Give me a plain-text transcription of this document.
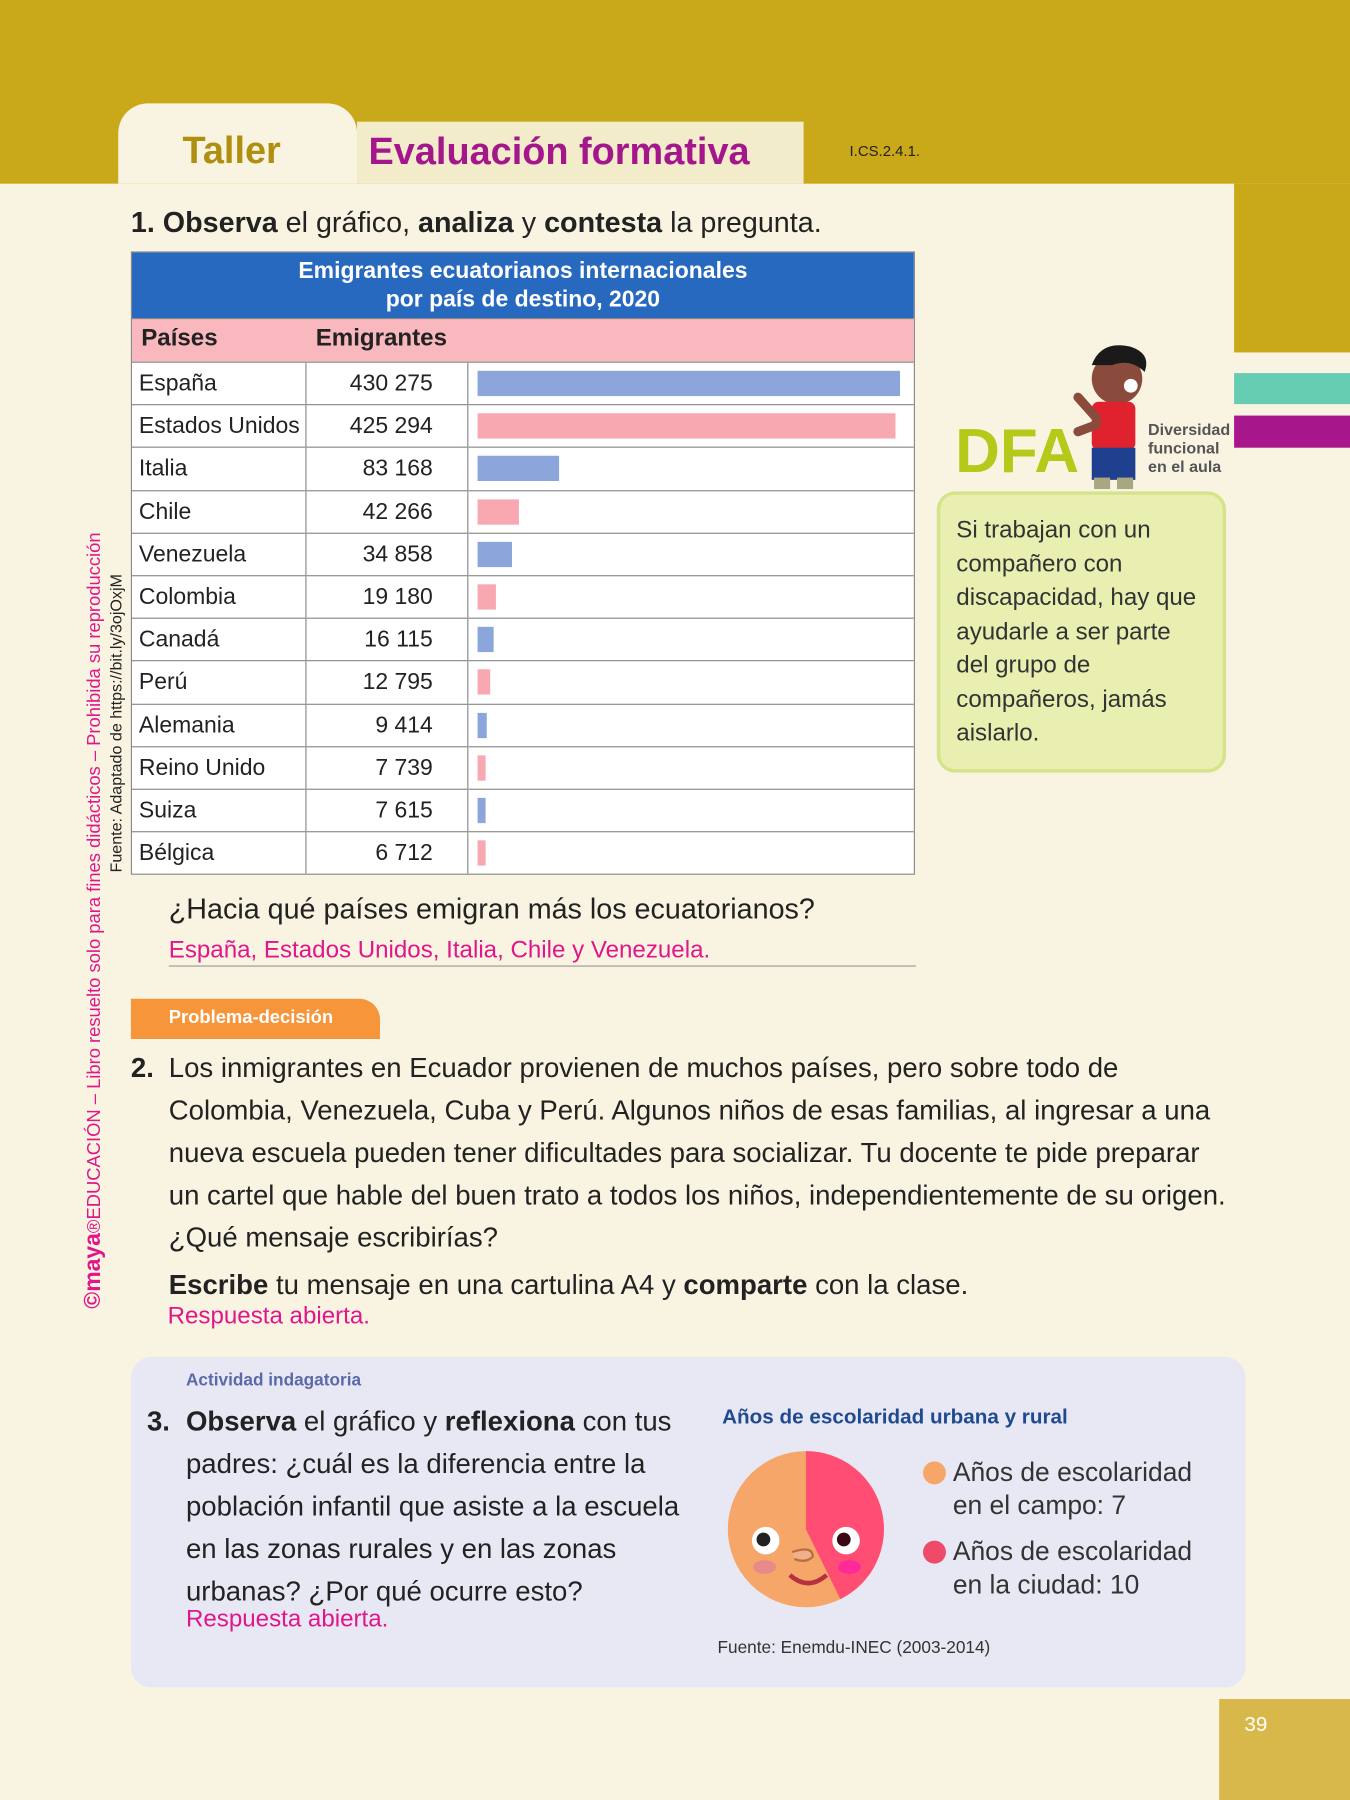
Taller	Evaluación formativa	I.CS.2.4.1.
©maya®EDUCACIÓN – Libro resuelto solo para fines didácticos – Prohibida su reproducción Fuente: Adaptado de https://bit.ly/3ojOxjM
1. Observa el gráfico, analiza y contesta la pregunta.
Emigrantes ecuatorianos internacionales
por país de destino, 2020
Países	Emigrantes
España	430 275
Estados Unidos	425 294
Italia	83 168
Chile	42 266
Venezuela	34 858
Colombia	19 180
Canadá	16 115
Perú	12 795
Alemania	9 414
Reino Unido	7 739
Suiza	7 615
Bélgica	6 712
¿Hacia qué países emigran más los ecuatorianos?
España, Estados Unidos, Italia, Chile y Venezuela.
DFA	Diversidad
funcional
en el aula
Si trabajan con un compañero con discapacidad, hay que ayudarle a ser parte del grupo de compañeros, jamás aislarlo.
Problema-decisión
2. Los inmigrantes en Ecuador provienen de muchos países, pero sobre todo de Colombia, Venezuela, Cuba y Perú. Algunos niños de esas familias, al ingresar a una nueva escuela pueden tener dificultades para socializar. Tu docente te pide preparar un cartel que hable del buen trato a todos los niños, independientemente de su origen. ¿Qué mensaje escribirías?
Escribe tu mensaje en una cartulina A4 y comparte con la clase.
Respuesta abierta.
Actividad indagatoria
3. Observa el gráfico y reflexiona con tus padres: ¿cuál es la diferencia entre la población infantil que asiste a la escuela en las zonas rurales y en las zonas urbanas? ¿Por qué ocurre esto?
Respuesta abierta.
Años de escolaridad urbana y rural
Años de escolaridad
en el campo: 7
Años de escolaridad
en la ciudad: 10
Fuente: Enemdu-INEC (2003-2014)
39
